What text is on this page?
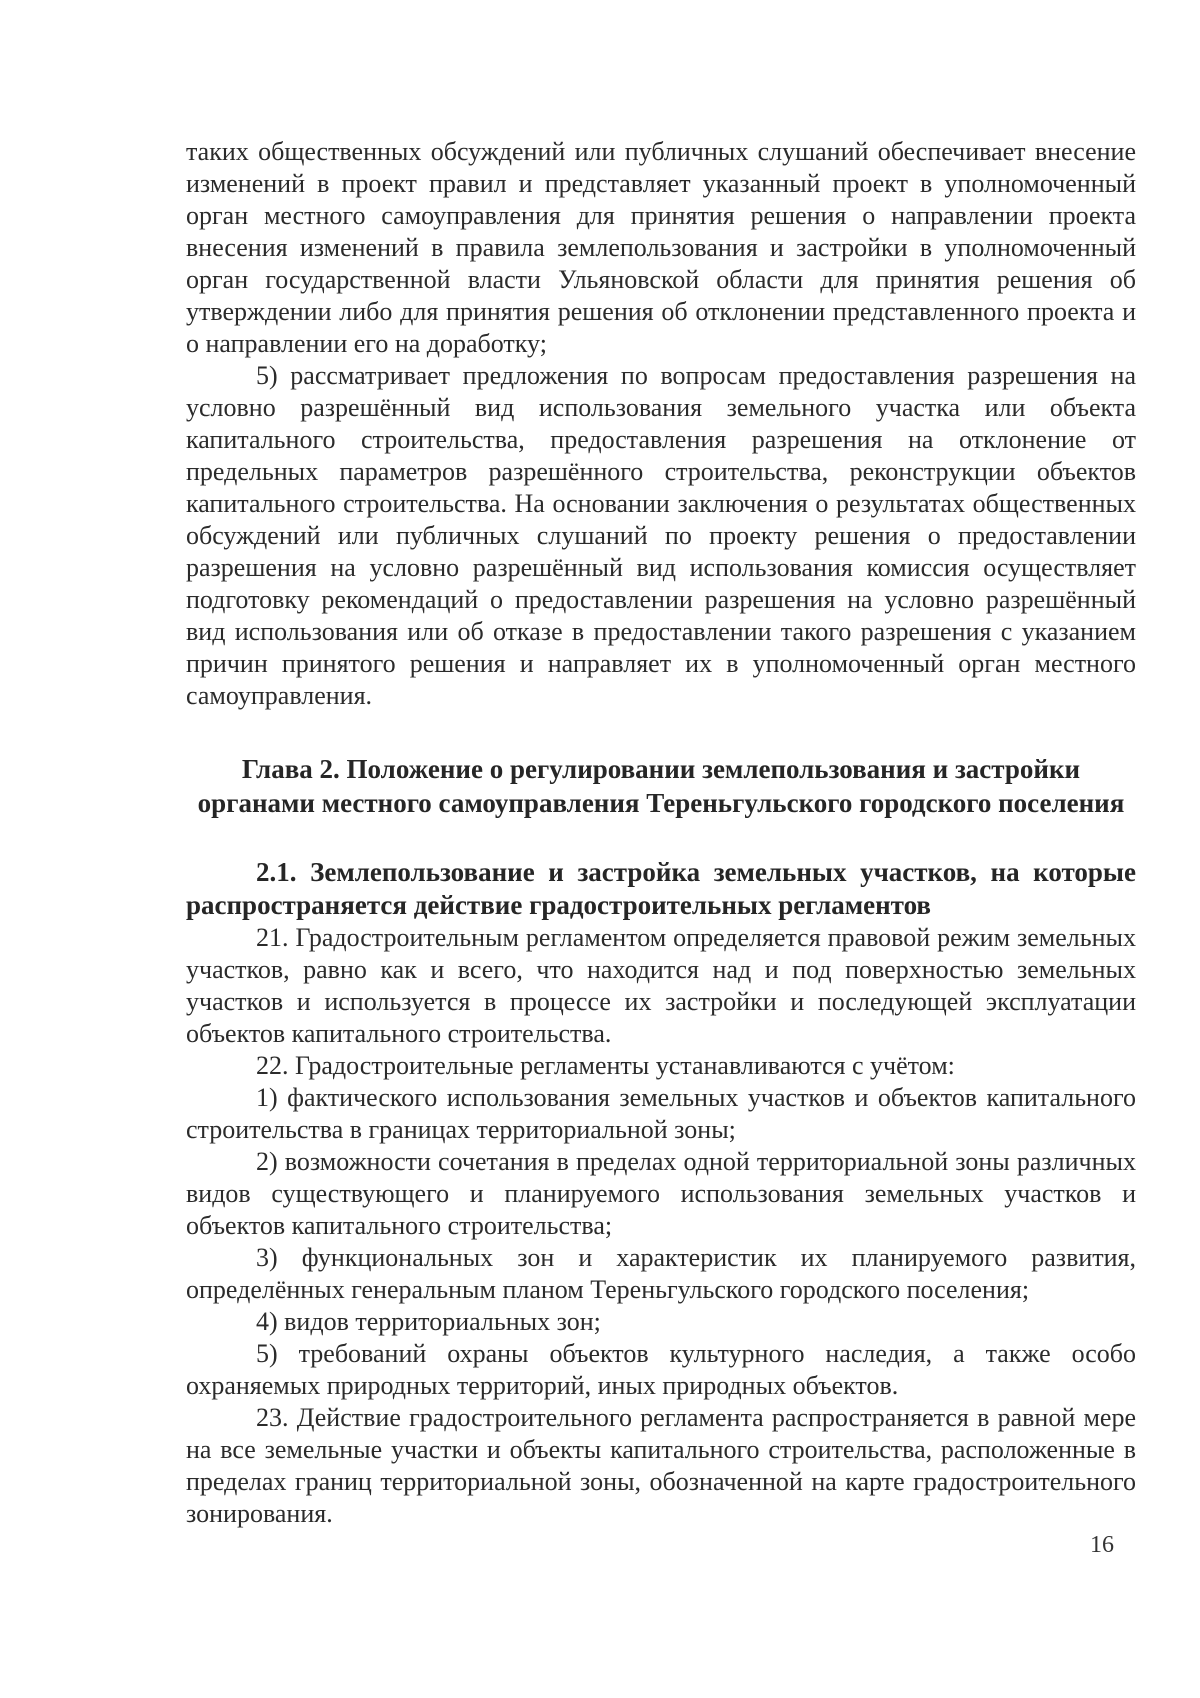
таких общественных обсуждений или публичных слушаний обеспечивает внесение изменений в проект правил и представляет указанный проект в уполномоченный орган местного самоуправления для принятия решения о направлении проекта внесения изменений в правила землепользования и застройки в уполномоченный орган государственной власти Ульяновской области для принятия решения об утверждении либо для принятия решения об отклонении представленного проекта и о направлении его на доработку;

5) рассматривает предложения по вопросам предоставления разрешения на условно разрешённый вид использования земельного участка или объекта капитального строительства, предоставления разрешения на отклонение от предельных параметров разрешённого строительства, реконструкции объектов капитального строительства. На основании заключения о результатах общественных обсуждений или публичных слушаний по проекту решения о предоставлении разрешения на условно разрешённый вид использования комиссия осуществляет подготовку рекомендаций о предоставлении разрешения на условно разрешённый вид использования или об отказе в предоставлении такого разрешения с указанием причин принятого решения и направляет их в уполномоченный орган местного самоуправления.

Глава 2. Положение о регулировании землепользования и застройки органами местного самоуправления Тереньгульского городского поселения

2.1. Землепользование и застройка земельных участков, на которые распространяется действие градостроительных регламентов

21. Градостроительным регламентом определяется правовой режим земельных участков, равно как и всего, что находится над и под поверхностью земельных участков и используется в процессе их застройки и последующей эксплуатации объектов капитального строительства.

22. Градостроительные регламенты устанавливаются с учётом:

1) фактического использования земельных участков и объектов капитального строительства в границах территориальной зоны;

2) возможности сочетания в пределах одной территориальной зоны различных видов существующего и планируемого использования земельных участков и объектов капитального строительства;

3) функциональных зон и характеристик их планируемого развития, определённых генеральным планом Тереньгульского городского поселения;

4) видов территориальных зон;

5) требований охраны объектов культурного наследия, а также особо охраняемых природных территорий, иных природных объектов.

23. Действие градостроительного регламента распространяется в равной мере на все земельные участки и объекты капитального строительства, расположенные в пределах границ территориальной зоны, обозначенной на карте градостроительного зонирования.

16
